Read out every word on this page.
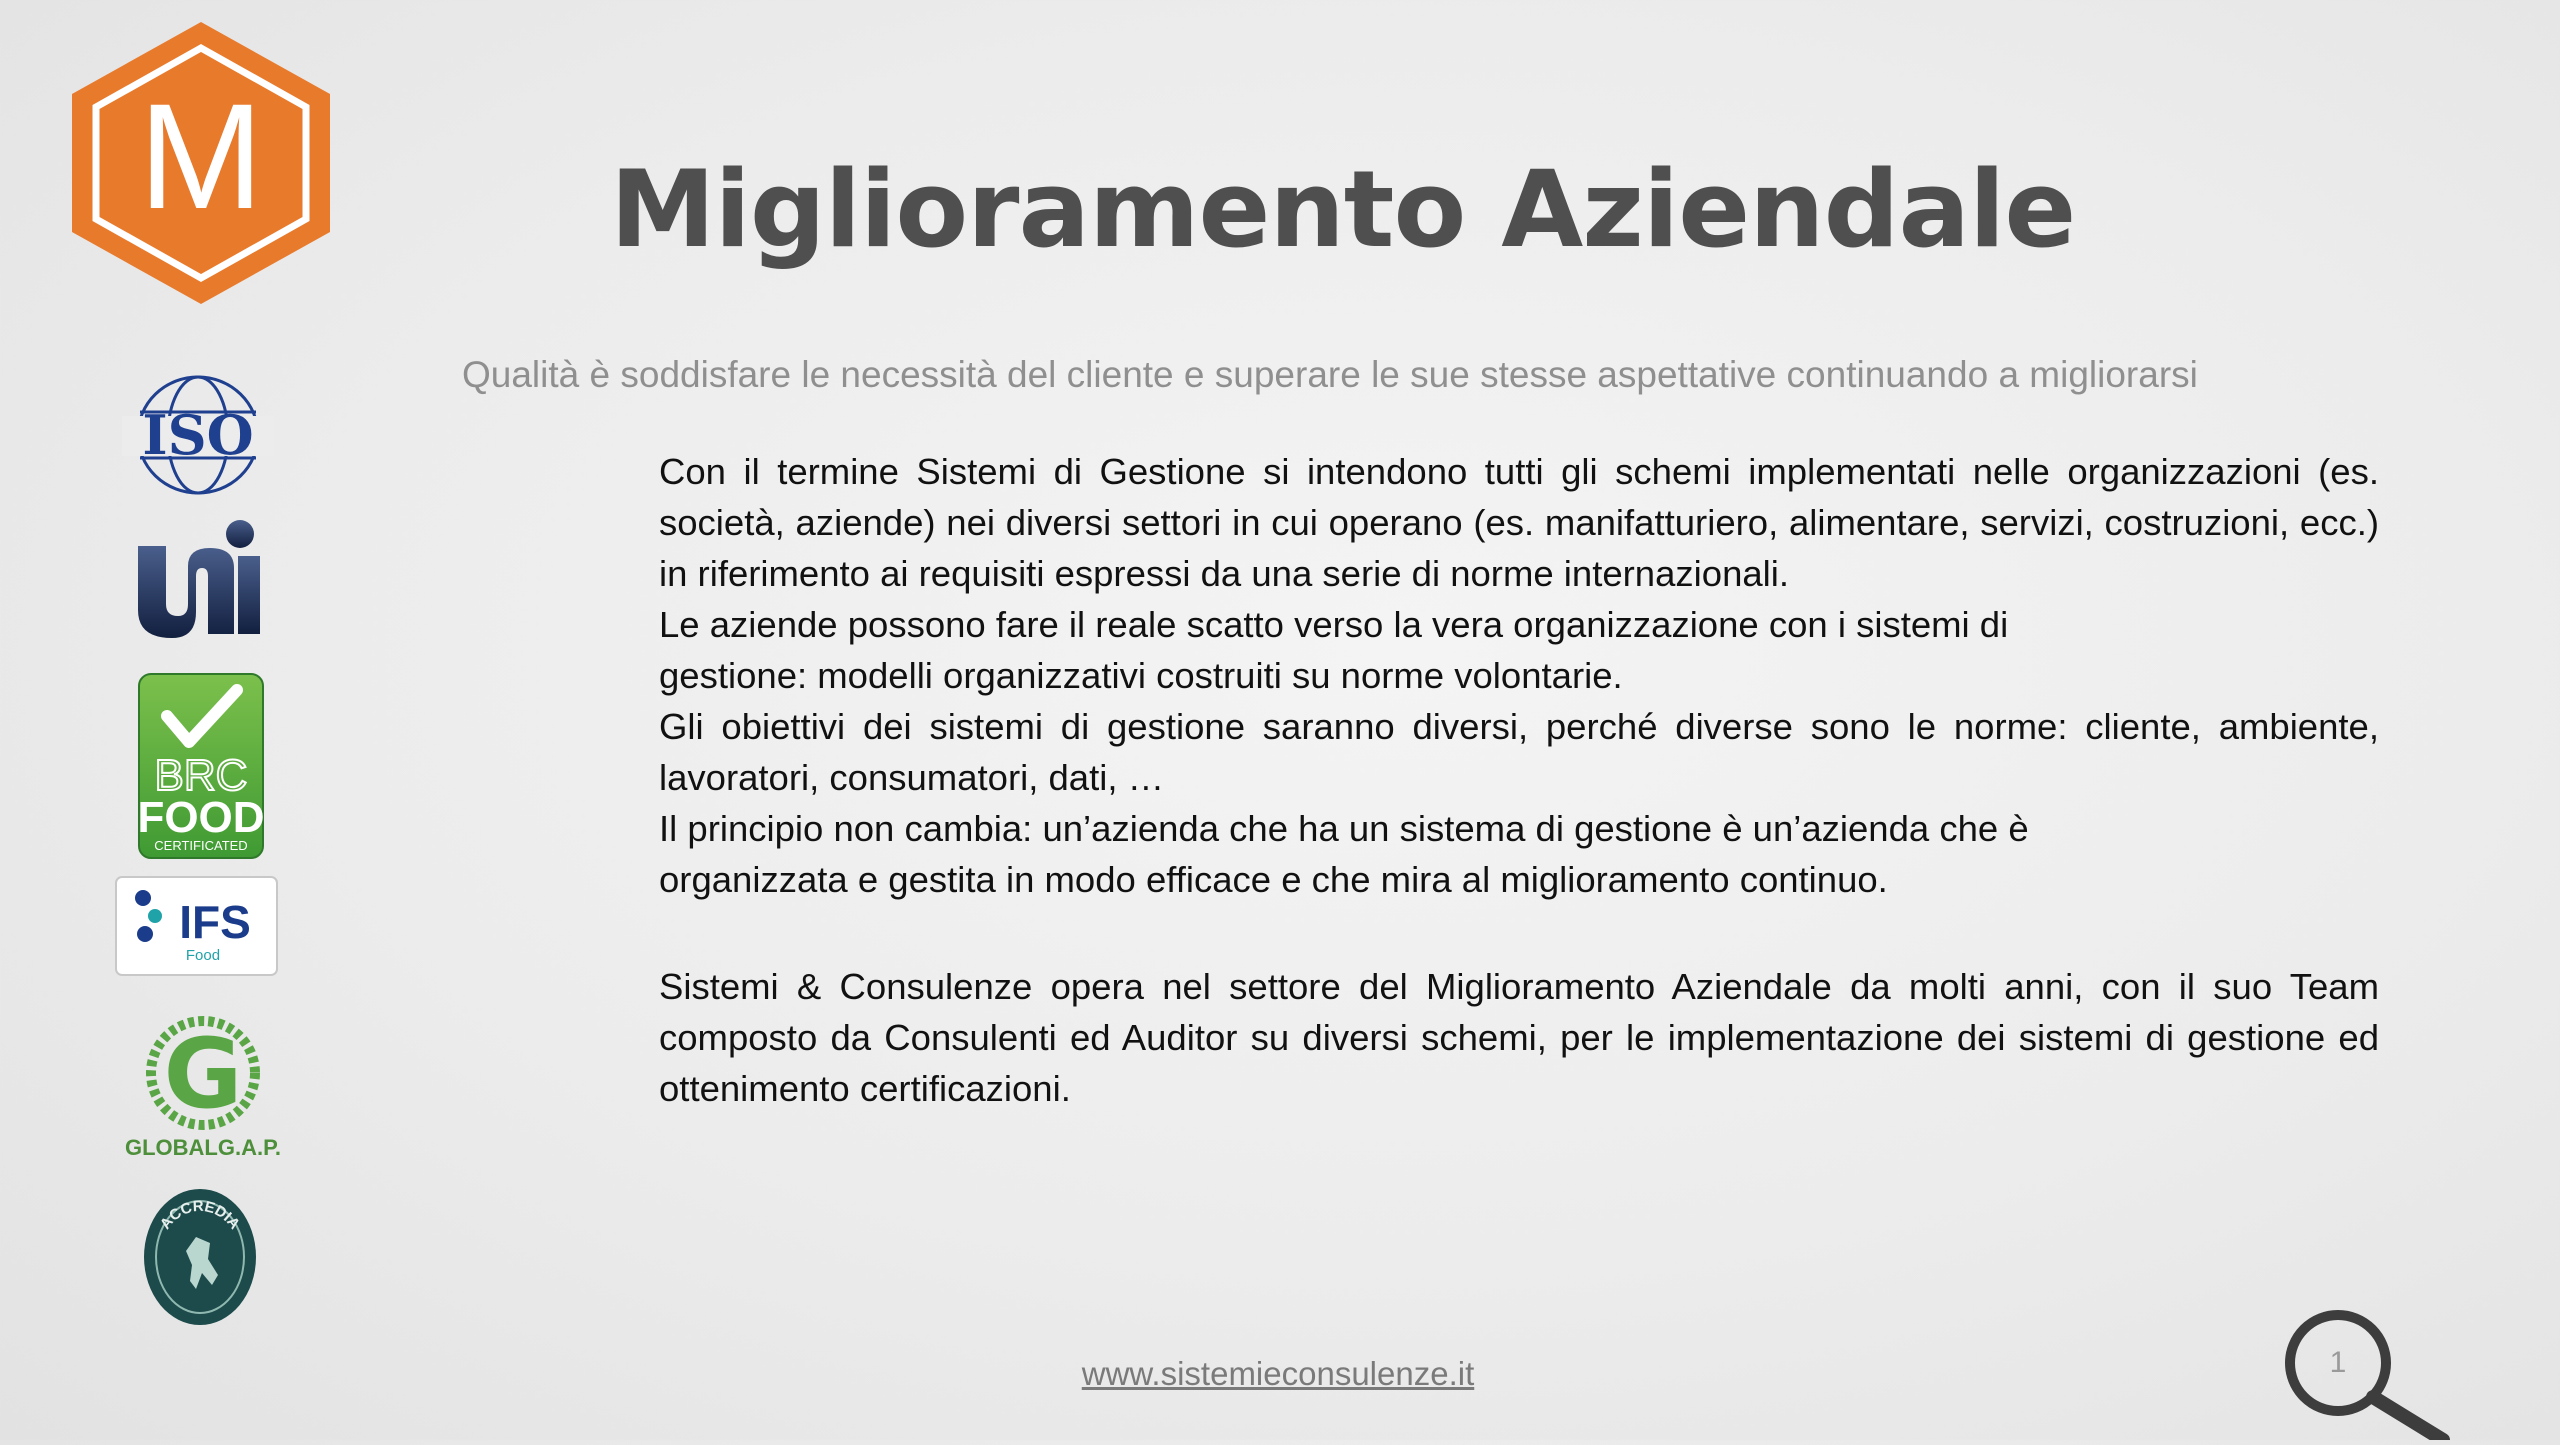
M	Miglioramento Aziendale
Qualità è soddisfare le necessità del cliente e superare le sue stesse aspettative continuando a migliorarsi
ISO
BRC
FOOD
CERTIFICATED
IFS
Food
G
GLOBALG.A.P.
ACCREDIA

Con il termine Sistemi di Gestione si intendono tutti gli schemi implementati nelle organizzazioni (es. società, aziende) nei diversi settori in cui operano (es. manifatturiero, alimentare, servizi, costruzioni, ecc.) in riferimento ai requisiti espressi da una serie di norme internazionali.

Le aziende possono fare il reale scatto verso la vera organizzazione con i sistemi di

gestione: modelli organizzativi costruiti su norme volontarie.

Gli obiettivi dei sistemi di gestione saranno diversi, perché diverse sono le norme: cliente, ambiente, lavoratori, consumatori, dati, …

Il principio non cambia: un’azienda che ha un sistema di gestione è un’azienda che è

organizzata e gestita in modo efficace e che mira al miglioramento continuo.

Sistemi & Consulenze opera nel settore del Miglioramento Aziendale da molti anni, con il suo Team composto da Consulenti ed Auditor su diversi schemi, per le implementazione dei sistemi di gestione ed ottenimento certificazioni.

www.sistemieconsulenze.it	1
